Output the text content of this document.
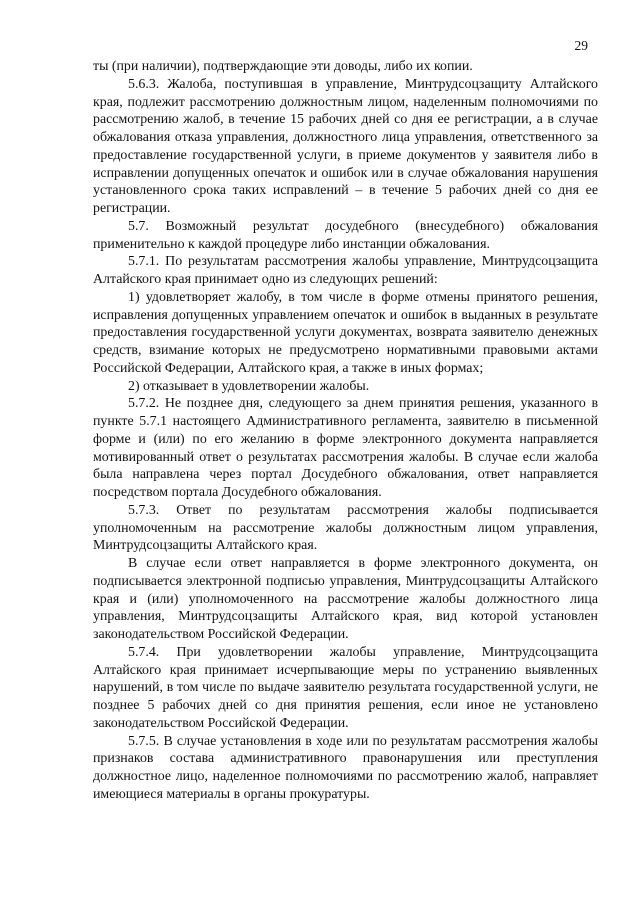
29

ты (при наличии), подтверждающие эти доводы, либо их копии.

5.6.3. Жалоба, поступившая в управление, Минтрудсоцзащиту Алтайского края, подлежит рассмотрению должностным лицом, наделенным полномочиями по рассмотрению жалоб, в течение 15 рабочих дней со дня ее регистрации, а в случае обжалования отказа управления, должностного лица управления, ответственного за предоставление государственной услуги, в приеме документов у заявителя либо в исправлении допущенных опечаток и ошибок или в случае обжалования нарушения установленного срока таких исправлений – в течение 5 рабочих дней со дня ее регистрации.

5.7. Возможный результат досудебного (внесудебного) обжалования применительно к каждой процедуре либо инстанции обжалования.

5.7.1. По результатам рассмотрения жалобы управление, Минтрудсоцзащита Алтайского края принимает одно из следующих решений:

1) удовлетворяет жалобу, в том числе в форме отмены принятого решения, исправления допущенных управлением опечаток и ошибок в выданных в результате предоставления государственной услуги документах, возврата заявителю денежных средств, взимание которых не предусмотрено нормативными правовыми актами Российской Федерации, Алтайского края, а также в иных формах;

2) отказывает в удовлетворении жалобы.

5.7.2. Не позднее дня, следующего за днем принятия решения, указанного в пункте 5.7.1 настоящего Административного регламента, заявителю в письменной форме и (или) по его желанию в форме электронного документа направляется мотивированный ответ о результатах рассмотрения жалобы. В случае если жалоба была направлена через портал Досудебного обжалования, ответ направляется посредством портала Досудебного обжалования.

5.7.3. Ответ по результатам рассмотрения жалобы подписывается уполномоченным на рассмотрение жалобы должностным лицом управления, Минтрудсоцзащиты Алтайского края.

В случае если ответ направляется в форме электронного документа, он подписывается электронной подписью управления, Минтрудсоцзащиты Алтайского края и (или) уполномоченного на рассмотрение жалобы должностного лица управления, Минтрудсоцзащиты Алтайского края, вид которой установлен законодательством Российской Федерации.

5.7.4. При удовлетворении жалобы управление, Минтрудсоцзащита Алтайского края принимает исчерпывающие меры по устранению выявленных нарушений, в том числе по выдаче заявителю результата государственной услуги, не позднее 5 рабочих дней со дня принятия решения, если иное не установлено законодательством Российской Федерации.

5.7.5. В случае установления в ходе или по результатам рассмотрения жалобы признаков состава административного правонарушения или преступления должностное лицо, наделенное полномочиями по рассмотрению жалоб, направляет имеющиеся материалы в органы прокуратуры.
